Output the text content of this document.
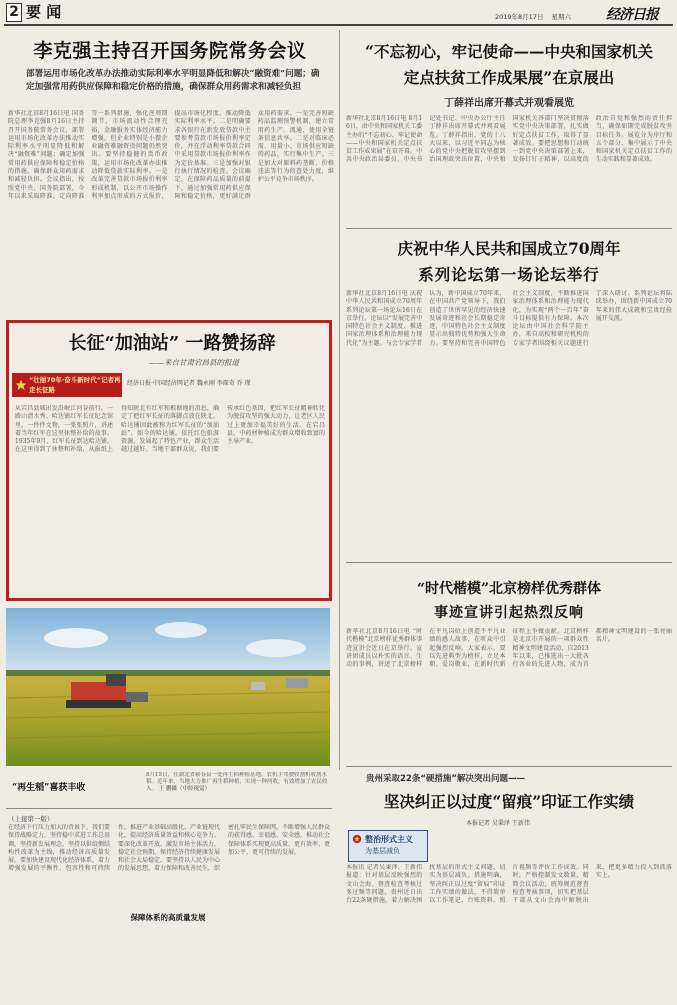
2 要 闻	2019年8月17日 星期六 经济日报
李克强主持召开国务院常务会议
部署运用市场化改革办法推动实际利率水平明显降低和解决“融资难”问题；确定加强常用药供应保障和稳定价格的措施，确保群众用药需求和减轻负担
新华社北京8月16日电 国务院总理李克强8月16日主持召开国务院常务会议，部署运用市场化改革办法推动实际利率水平明显降低和解决“融资难”问题；确定加强常用药供应保障和稳定价格的措施，确保群众用药需求和减轻负担。会议指出，按照党中央、国务院部署，今年以来采取降准、定向降准等一系列措施，强化逆周期调节，市场流动性合理充裕，金融服务实体经济能力增强，但企业特别是小微企业融资难融资贵问题仍然突出。要坚持稳健的货币政策，运用市场化改革办法推动降低贷款实际利率。一是改革完善贷款市场报价利率形成机制，以公开市场操作利率加点形成的方式报价，提高市场化程度，推动降低实际利率水平。二是明确要求各银行在新发放贷款中主要参考贷款市场报价利率定价，并在浮动利率贷款合同中采用贷款市场报价利率作为定价基准。三是加强对银行执行情况的检查。会议确定，在保障药品质量的前提下，通过加强常用药供应保障和稳定价格，更好满足群众用药需求。一是完善短缺药品监测预警机制，建立常用药生产、流通、使用全链条信息共享。二是对临床必需、用量小、市场供应短缺的药品，实行集中生产。三是加大对原料药垄断、价格违法等行为的查处力度，维护公平竞争市场秩序。
“不忘初心，牢记使命——中央和国家机关
定点扶贫工作成果展”在京展出
丁薛祥出席开幕式并观看展览
新华社北京8月16日电 8月16日，由中央和国家机关工委主办的“不忘初心，牢记使命——中央和国家机关定点扶贫工作成果展”在京开幕。中共中央政治局委员、中央书记处书记、中央办公厅主任丁薛祥出席开幕式并观看展览。丁薛祥指出，党的十八大以来，以习近平同志为核心的党中央把脱贫攻坚摆到治国理政突出位置，中央和国家机关各部门坚决贯彻落实党中央决策部署，扎实做好定点扶贫工作，取得了显著成效。要把思想和行动统一到党中央决策部署上来，发扬钉钉子精神，以高度的政治自觉和强烈的责任担当，确保如期完成脱贫攻坚目标任务。展览分为序厅和五个部分，集中展示了中央和国家机关定点扶贫工作的生动实践和显著成效。
庆祝中华人民共和国成立70周年
系列论坛第一场论坛举行
新华社北京8月16日电 庆祝中华人民共和国成立70周年系列论坛第一场论坛16日在京举行。论坛以“发展完善中国特色社会主义制度、推进国家治理体系和治理能力现代化”为主题。与会专家学者认为，新中国成立70年来，在中国共产党领导下，我们创造了世所罕见的经济快速发展奇迹和社会长期稳定奇迹，中国特色社会主义制度显示出独特优势和强大生命力。要坚持和完善中国特色社会主义制度，不断推进国家治理体系和治理能力现代化，为实现“两个一百年”奋斗目标提供有力保障。本次论坛由中国社会科学院主办，来自高校和研究机构的专家学者围绕相关议题进行了深入研讨。系列论坛将陆续举办，围绕新中国成立70年来的伟大成就和宝贵经验展开交流。
长征“加油站” 一路赞扬辞
——来自甘肃宕昌县的报道
“壮丽70年·奋斗新时代”记者再走长征路
经济日报·中国经济网记者 魏永刚 李琛奇 乔 瑾
从宕昌县城出发沿岷江河谷前行，一路山清水秀。哈达铺红军长征纪念馆里，一件件文物，一张张照片，讲述着当年红军在这里休整补给的故事。1935年9月，红军长征到达哈达铺，在这里得到了休整和补给，从报纸上得知陕北有红军和根据地的消息，确定了把红军长征的落脚点放在陕北。哈达铺因此被称为红军长征的“加油站”。如今的哈达铺，依托红色旅游资源，发展起了特色产业，群众生活越过越好。当地干部群众说，我们要传承红色基因，把红军长征精神转化为脱贫攻坚的强大动力，让老区人民过上更加幸福美好的生活。在宕昌县，中药材种植成为群众增收致富的主导产业。
“再生稻”喜获丰收
8月15日，在湖北省蕲春县一处再生稻种植基地，农机手驾驶收割机收割水稻。近年来，当地大力推广再生稻种植，实现一种两收，有效增加了农民收入。 王 鹏摄（中经视觉）
（上接第一版）
保障体系的高质量发展
在经济下行压力加大的背景下，我们要保持战略定力，坚持稳中求进工作总基调，坚持新发展理念，坚持以供给侧结构性改革为主线，推动经济高质量发展。要加快建设现代化经济体系，着力增强发展的平衡性、包容性和可持续性，推进产业基础高级化、产业链现代化，提高经济质量效益和核心竞争力。要深化改革开放，激发市场主体活力，稳定社会预期，保持经济持续健康发展和社会大局稳定。要坚持以人民为中心的发展思想，着力保障和改善民生，织密扎牢民生保障网，不断增强人民群众的获得感、幸福感、安全感，推动社会保障体系实现更高质量、更有效率、更加公平、更可持续的发展。
“时代楷模”北京榜样优秀群体
事迹宣讲引起热烈反响
新华社北京8月16日电 “时代楷模”北京榜样优秀群体事迹宣讲会近日在京举行。宣讲团成员以朴实的语言、生动的事例，讲述了北京榜样在平凡岗位上创造不平凡业绩的感人故事，在听众中引起强烈反响。大家表示，要以先进典型为榜样，立足本职、爱岗敬业，在新时代新征程上争做贡献。北京榜样是北京市开展的一项群众性精神文明建设活动，自2013年以来，已推选出一大批各行各业的先进人物，成为首都精神文明建设的一张亮丽名片。
贵州采取22条“硬措施”解决突出问题——
坚决纠正以过度“留痕”印证工作实绩
本报记者 吴秉泽 王新伟
整治形式主义
为基层减负
本报讯 记者吴秉泽、王新伟报道：针对基层反映强烈的文山会海、督查检查考核过多过频等问题，贵州近日出台22条硬措施，着力解决困扰基层的形式主义问题，切实为基层减负。措施明确，坚决纠正以过度“留痕”印证工作实绩的做法，不得简单以工作笔记、台账资料、照片视频等评价工作成效。同时，严格控制发文数量，精简会议活动，统筹规范督查检查考核事项，切实把基层干部从文山会海中解脱出来，把更多精力投入到抓落实上。
